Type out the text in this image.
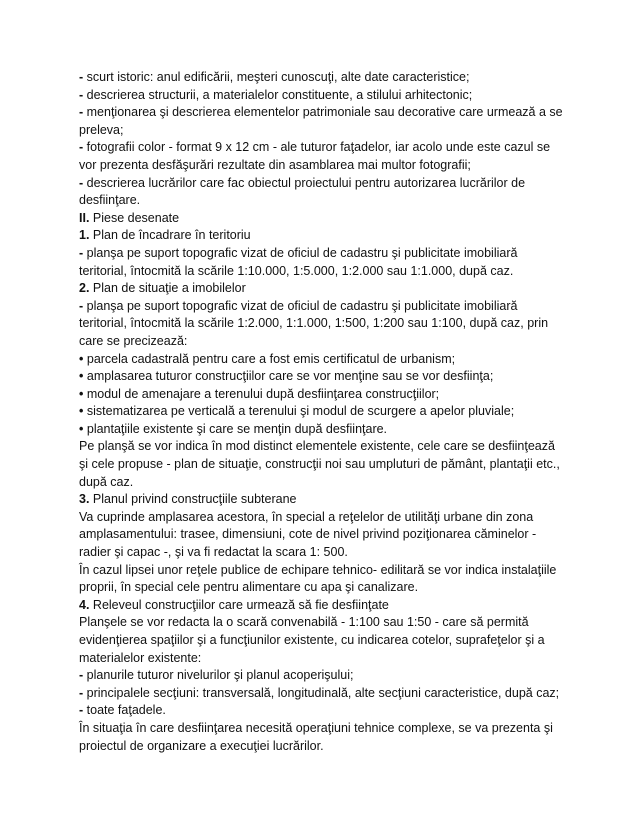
- scurt istoric: anul edificării, meşteri cunoscuţi, alte date caracteristice;
- descrierea structurii, a materialelor constituente, a stilului arhitectonic;
- menţionarea şi descrierea elementelor patrimoniale sau decorative care urmează a se preleva;
- fotografii color - format 9 x 12 cm - ale tuturor faţadelor, iar acolo unde este cazul se vor prezenta desfăşurări rezultate din asamblarea mai multor fotografii;
- descrierea lucrărilor care fac obiectul proiectului pentru autorizarea lucrărilor de desfiinţare.
II. Piese desenate
1. Plan de încadrare în teritoriu
- planşa pe suport topografic vizat de oficiul de cadastru şi publicitate imobiliară teritorial, întocmită la scările 1:10.000, 1:5.000, 1:2.000 sau 1:1.000, după caz.
2. Plan de situaţie a imobilelor
- planşa pe suport topografic vizat de oficiul de cadastru şi publicitate imobiliară teritorial, întocmită la scările 1:2.000, 1:1.000, 1:500, 1:200 sau 1:100, după caz, prin care se precizează:
• parcela cadastrală pentru care a fost emis certificatul de urbanism;
• amplasarea tuturor construcţiilor care se vor menţine sau se vor desfiinţa;
• modul de amenajare a terenului după desfiinţarea construcţiilor;
• sistematizarea pe verticală a terenului şi modul de scurgere a apelor pluviale;
• plantaţiile existente şi care se menţin după desfiinţare.
Pe planşă se vor indica în mod distinct elementele existente, cele care se desfiinţează şi cele propuse - plan de situaţie, construcţii noi sau umpluturi de pământ, plantaţii etc., după caz.
3. Planul privind construcţiile subterane
Va cuprinde amplasarea acestora, în special a reţelelor de utilităţi urbane din zona amplasamentului: trasee, dimensiuni, cote de nivel privind poziţionarea căminelor - radier şi capac -, şi va fi redactat la scara 1: 500.
În cazul lipsei unor reţele publice de echipare tehnico- edilitară se vor indica instalaţiile proprii, în special cele pentru alimentare cu apa şi canalizare.
4. Releveul construcţiilor care urmează să fie desfiinţate
Planşele se vor redacta la o scară convenabilă - 1:100 sau 1:50 - care să permită evidenţierea spaţiilor şi a funcţiunilor existente, cu indicarea cotelor, suprafeţelor şi a materialelor existente:
- planurile tuturor nivelurilor şi planul acoperişului;
- principalele secţiuni: transversală, longitudinală, alte secţiuni caracteristice, după caz;
- toate faţadele.
În situaţia în care desfiinţarea necesită operaţiuni tehnice complexe, se va prezenta şi proiectul de organizare a execuţiei lucrărilor.
